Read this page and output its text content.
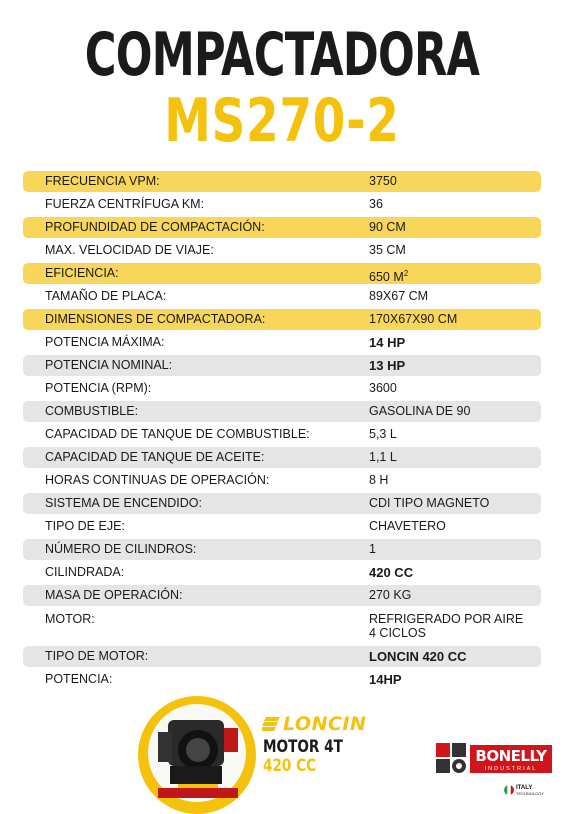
COMPACTADORA
MS270-2
FRECUENCIA VPM:	3750
FUERZA CENTRÍFUGA KM:	36
PROFUNDIDAD DE COMPACTACIÓN:	90 CM
MAX. VELOCIDAD DE VIAJE:	35 CM
EFICIENCIA:	650 $M^2$
TAMAÑO DE PLACA:	89X67 CM
DIMENSIONES DE COMPACTADORA:	170X67X90 CM
POTENCIA MÁXIMA:	14 HP
POTENCIA NOMINAL:	13 HP
POTENCIA (RPM):	3600
COMBUSTIBLE:	GASOLINA DE 90
CAPACIDAD DE TANQUE DE COMBUSTIBLE:	5,3 L
CAPACIDAD DE TANQUE DE ACEITE:	1,1 L
HORAS CONTINUAS DE OPERACIÓN:	8 H
SISTEMA DE ENCENDIDO:	CDI TIPO MAGNETO
TIPO DE EJE:	CHAVETERO
NÚMERO DE CILINDROS:	1
CILINDRADA:	420 CC
MASA DE OPERACIÓN:	270 KG
MOTOR:	REFRIGERADO POR AIRE
4 CICLOS
TIPO DE MOTOR:	LONCIN 420 CC
POTENCIA:	14HP
LONCIN
MOTOR 4T
420 CC	BONELLY
INDUSTRIAL
ITALY
TECHNOLOGY
